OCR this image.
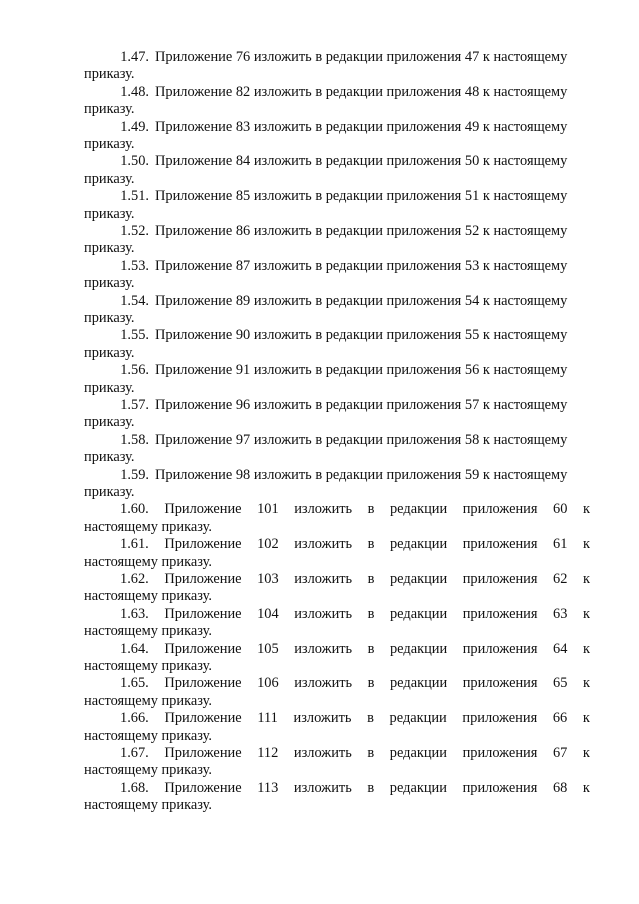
1.47. Приложение 76 изложить в редакции приложения 47 к настоящему
приказу.
1.48. Приложение 82 изложить в редакции приложения 48 к настоящему
приказу.
1.49. Приложение 83 изложить в редакции приложения 49 к настоящему
приказу.
1.50. Приложение 84 изложить в редакции приложения 50 к настоящему
приказу.
1.51. Приложение 85 изложить в редакции приложения 51 к настоящему
приказу.
1.52. Приложение 86 изложить в редакции приложения 52 к настоящему
приказу.
1.53. Приложение 87 изложить в редакции приложения 53 к настоящему
приказу.
1.54. Приложение 89 изложить в редакции приложения 54 к настоящему
приказу.
1.55. Приложение 90 изложить в редакции приложения 55 к настоящему
приказу.
1.56. Приложение 91 изложить в редакции приложения 56 к настоящему
приказу.
1.57. Приложение 96 изложить в редакции приложения 57 к настоящему
приказу.
1.58. Приложение 97 изложить в редакции приложения 58 к настоящему
приказу.
1.59. Приложение 98 изложить в редакции приложения 59 к настоящему
приказу.
1.60. Приложение 101 изложить в редакции приложения 60 к
настоящему приказу.
1.61. Приложение 102 изложить в редакции приложения 61 к
настоящему приказу.
1.62. Приложение 103 изложить в редакции приложения 62 к
настоящему приказу.
1.63. Приложение 104 изложить в редакции приложения 63 к
настоящему приказу.
1.64. Приложение 105 изложить в редакции приложения 64 к
настоящему приказу.
1.65. Приложение 106 изложить в редакции приложения 65 к
настоящему приказу.
1.66. Приложение 111 изложить в редакции приложения 66 к
настоящему приказу.
1.67. Приложение 112 изложить в редакции приложения 67 к
настоящему приказу.
1.68. Приложение 113 изложить в редакции приложения 68 к
настоящему приказу.
